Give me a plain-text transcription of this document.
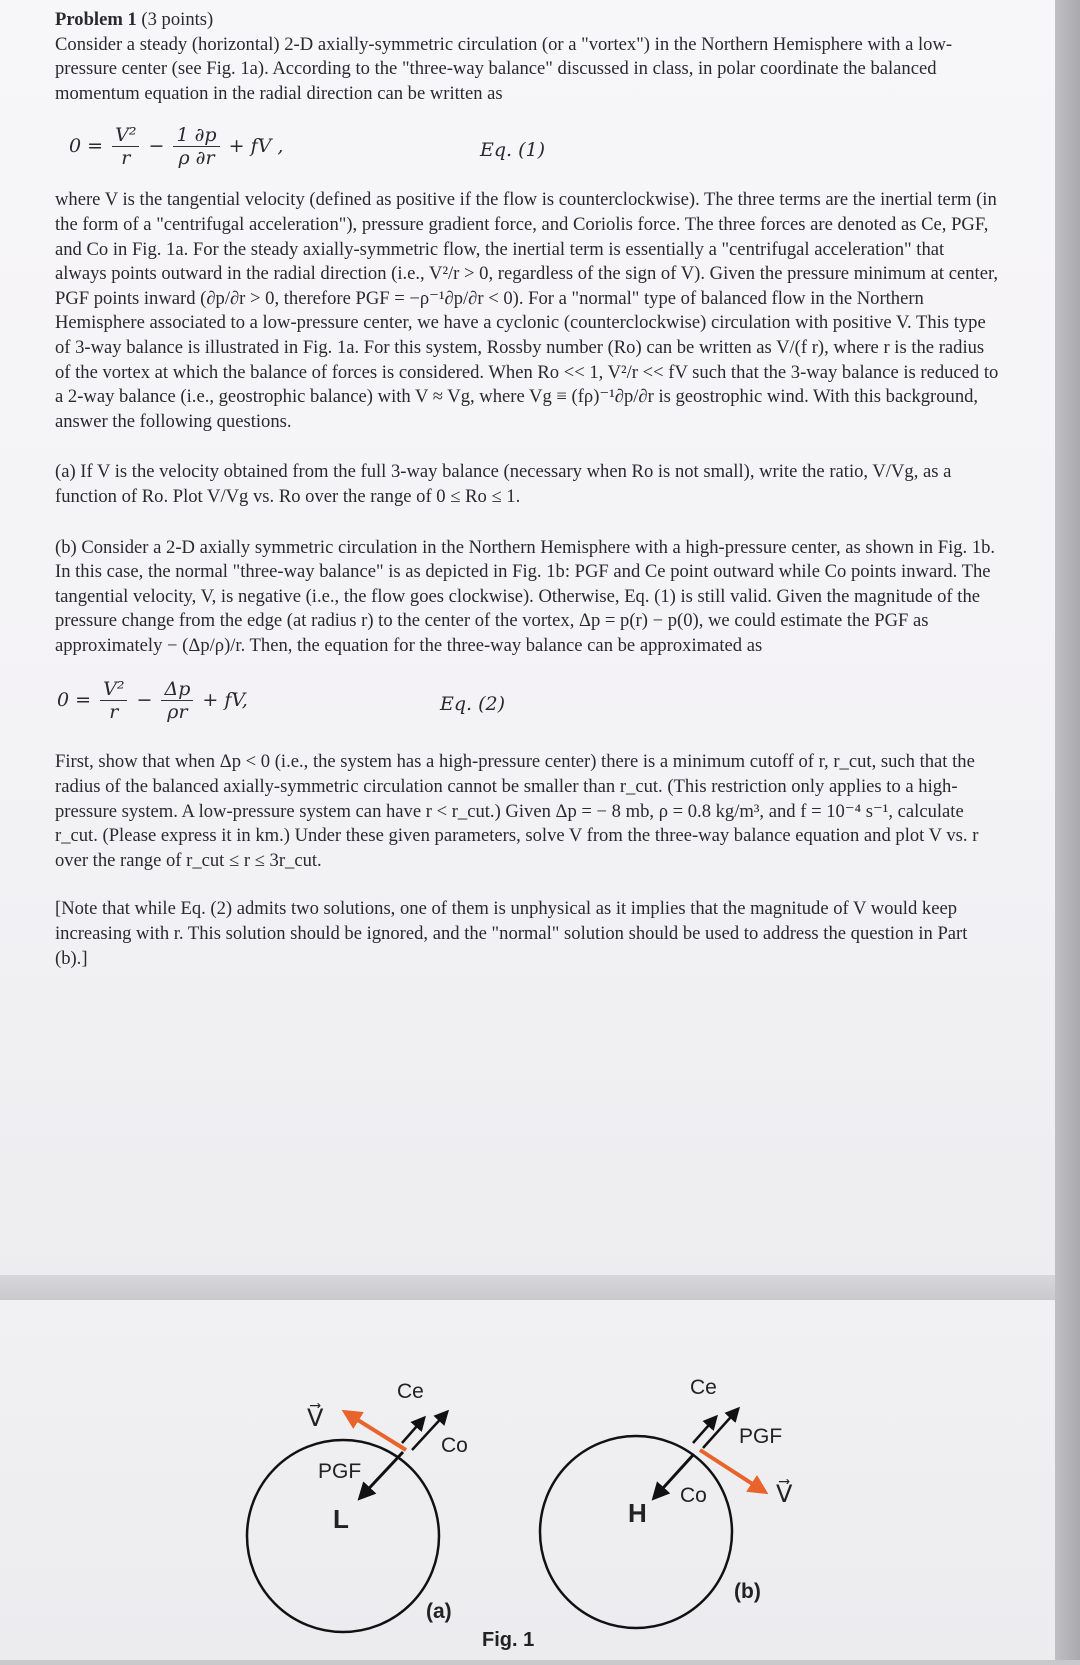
Problem 1 (3 points)

Consider a steady (horizontal) 2-D axially-symmetric circulation (or a "vortex") in the Northern Hemisphere with a low-pressure center (see Fig. 1a). According to the "three-way balance" discussed in class, in polar coordinate the balanced momentum equation in the radial direction can be written as

$0 = \frac{\text{V²}}{r} - \frac{1 \partial p}{\rho \partial r}$ + fV ,	Eq. (1)

where V is the tangential velocity (defined as positive if the flow is counterclockwise). The three terms are the inertial term (in the form of a "centrifugal acceleration"), pressure gradient force, and Coriolis force. The three forces are denoted as Ce, PGF, and Co in Fig. 1a. For the steady axially-symmetric flow, the inertial term is essentially a "centrifugal acceleration" that always points outward in the radial direction (i.e., V²/r > 0, regardless of the sign of V). Given the pressure minimum at center, PGF points inward (∂p/∂r > 0, therefore PGF = −ρ⁻¹∂p/∂r < 0). For a "normal" type of balanced flow in the Northern Hemisphere associated to a low-pressure center, we have a cyclonic (counterclockwise) circulation with positive V. This type of 3-way balance is illustrated in Fig. 1a. For this system, Rossby number (Ro) can be written as V/(f r), where r is the radius of the vortex at which the balance of forces is considered. When Ro << 1, V²/r << fV such that the 3-way balance is reduced to a 2-way balance (i.e., geostrophic balance) with V ≈ Vg, where Vg ≡ (fρ)⁻¹∂p/∂r is geostrophic wind. With this background, answer the following questions.

(a) If V is the velocity obtained from the full 3-way balance (necessary when Ro is not small), write the ratio, V/Vg, as a function of Ro. Plot V/Vg vs. Ro over the range of 0 ≤ Ro ≤ 1.

(b) Consider a 2-D axially symmetric circulation in the Northern Hemisphere with a high-pressure center, as shown in Fig. 1b. In this case, the normal "three-way balance" is as depicted in Fig. 1b: PGF and Ce point outward while Co points inward. The tangential velocity, V, is negative (i.e., the flow goes clockwise). Otherwise, Eq. (1) is still valid. Given the magnitude of the pressure change from the edge (at radius r) to the center of the vortex, Δp = p(r) − p(0), we could estimate the PGF as approximately − (Δp/ρ)/r. Then, the equation for the three-way balance can be approximated as

$0 = \frac{\text{V²}}{r} - \frac{\Delta p}{\rho r}$ + fV,	Eq. (2)

First, show that when Δp < 0 (i.e., the system has a high-pressure center) there is a minimum cutoff of r, r_cut, such that the radius of the balanced axially-symmetric circulation cannot be smaller than r_cut. (This restriction only applies to a high-pressure system. A low-pressure system can have r < r_cut.) Given Δp = − 8 mb, ρ = 0.8 kg/m³, and f = 10⁻⁴ s⁻¹, calculate r_cut. (Please express it in km.) Under these given parameters, solve V from the three-way balance equation and plot V vs. r over the range of r_cut ≤ r ≤ 3r_cut.

[Note that while Eq. (2) admits two solutions, one of them is unphysical as it implies that the magnitude of V would keep increasing with r. This solution should be ignored, and the "normal" solution should be used to address the question in Part (b).]

V⃗
Ce
Co
PGF
L
(a)
Ce
PGF
Co	V⃗
H
(b)
Fig. 1
